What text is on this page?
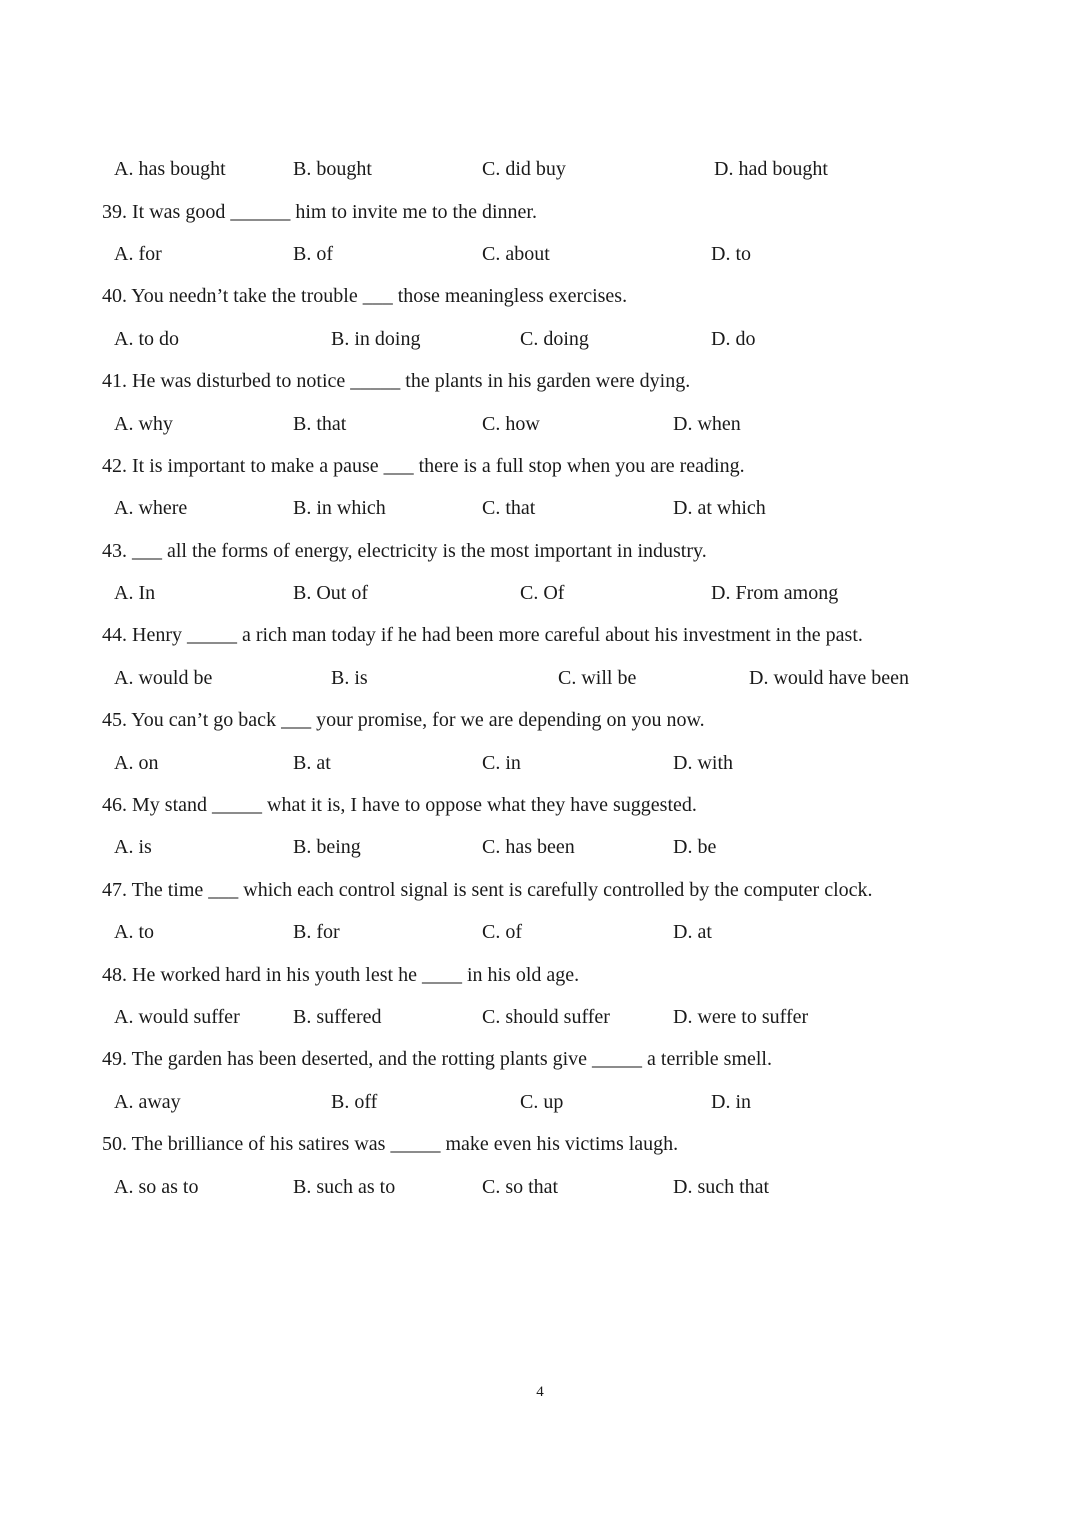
A. has bought	B. bought	C. did buy	D. had bought
39. It was good ______ him to invite me to the dinner.
A. for	B. of	C. about	D. to
40. You needn’t take the trouble ___ those meaningless exercises.
A. to do	B. in doing	C. doing	D. do
41. He was disturbed to notice _____ the plants in his garden were dying.
A. why	B. that	C. how	D. when
42. It is important to make a pause ___ there is a full stop when you are reading.
A. where	B. in which	C. that	D. at which
43. ___ all the forms of energy, electricity is the most important in industry.
A. In	B. Out of	C. Of	D. From among
44. Henry _____ a rich man today if he had been more careful about his investment in the past.
A. would be	B. is	C. will be	D. would have been
45. You can’t go back ___ your promise, for we are depending on you now.
A. on	B. at	C. in	D. with
46. My stand _____ what it is, I have to oppose what they have suggested.
A. is	B. being	C. has been	D. be
47. The time ___ which each control signal is sent is carefully controlled by the computer clock.
A. to	B. for	C. of	D. at
48. He worked hard in his youth lest he ____ in his old age.
A. would suffer	B. suffered	C. should suffer	D. were to suffer
49. The garden has been deserted, and the rotting plants give _____ a terrible smell.
A. away	B. off	C. up	D. in
50. The brilliance of his satires was _____ make even his victims laugh.
A. so as to	B. such as to	C. so that	D. such that
4
